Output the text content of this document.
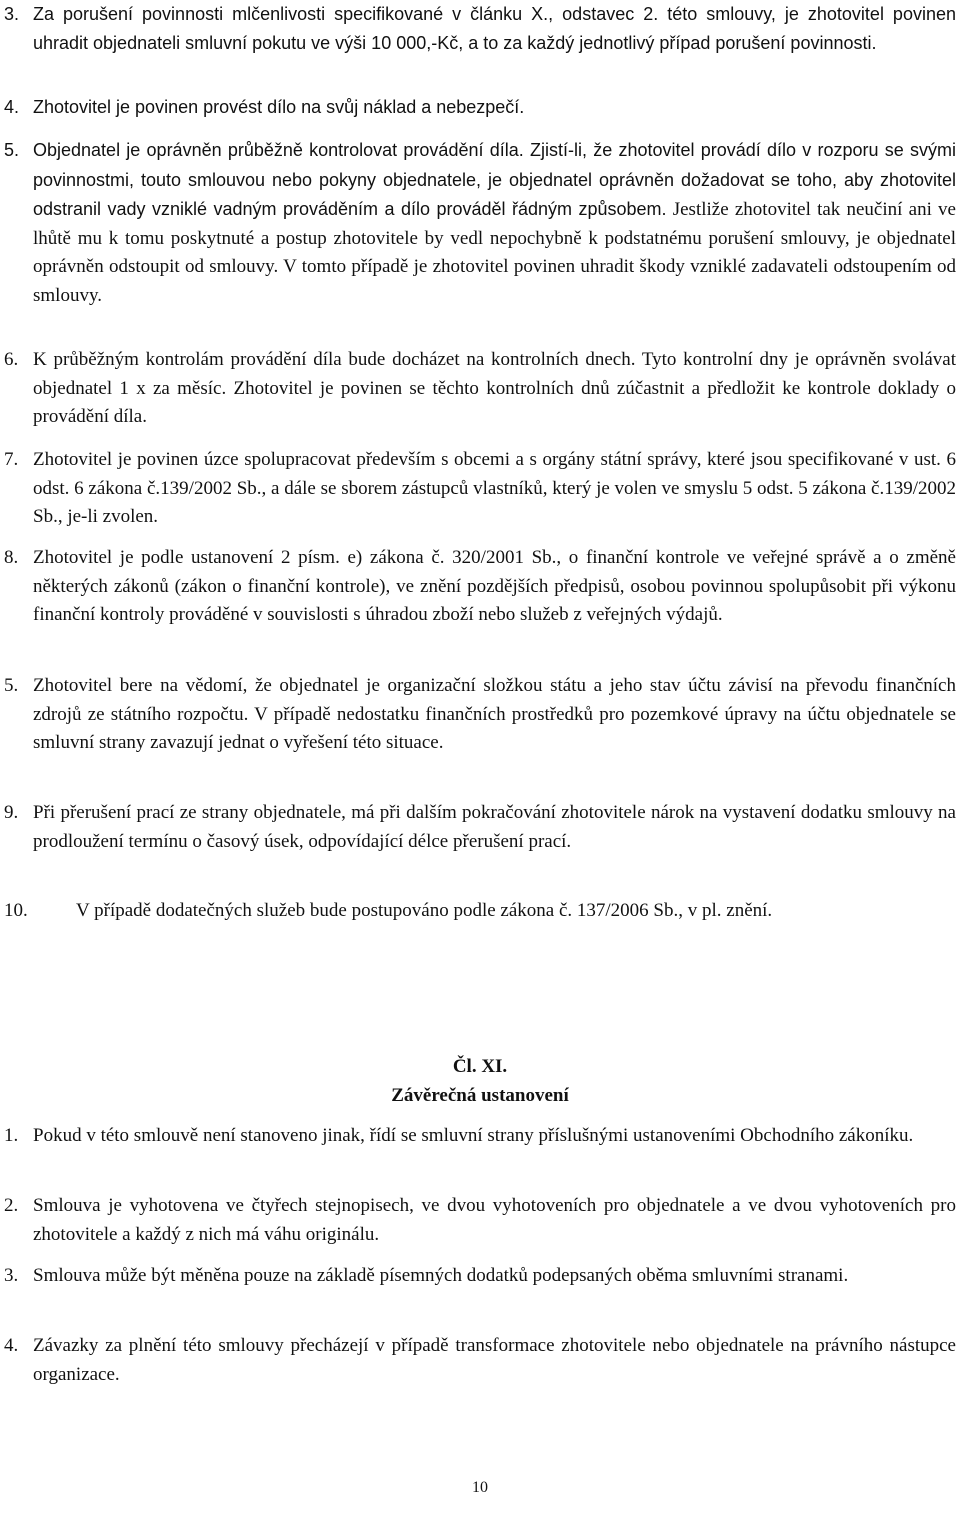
3. Za porušení povinnosti mlčenlivosti specifikované v článku X., odstavec 2. této smlouvy, je zhotovitel povinen uhradit objednateli smluvní pokutu ve výši 10 000,-Kč, a to za každý jednotlivý případ porušení povinnosti.
4. Zhotovitel je povinen provést dílo na svůj náklad a nebezpečí.
5. Objednatel je oprávněn průběžně kontrolovat provádění díla. Zjistí-li, že zhotovitel provádí dílo v rozporu se svými povinnostmi, touto smlouvou nebo pokyny objednatele, je objednatel oprávněn dožadovat se toho, aby zhotovitel odstranil vady vzniklé vadným prováděním a dílo prováděl řádným způsobem. Jestliže zhotovitel tak neučiní ani ve lhůtě mu k tomu poskytnuté a postup zhotovitele by vedl nepochybně k podstatnému porušení smlouvy, je objednatel oprávněn odstoupit od smlouvy. V tomto případě je zhotovitel povinen uhradit škody vzniklé zadavateli odstoupením od smlouvy.
6. K průběžným kontrolám provádění díla bude docházet na kontrolních dnech. Tyto kontrolní dny je oprávněn svolávat objednatel 1 x za měsíc. Zhotovitel je povinen se těchto kontrolních dnů zúčastnit a předložit ke kontrole doklady o provádění díla.
7. Zhotovitel je povinen úzce spolupracovat především s obcemi a s orgány státní správy, které jsou specifikované v ust. 6 odst. 6 zákona č.139/2002 Sb., a dále se sborem zástupců vlastníků, který je volen ve smyslu 5 odst. 5 zákona č.139/2002 Sb., je-li zvolen.
8. Zhotovitel je podle ustanovení 2 písm. e) zákona č. 320/2001 Sb., o finanční kontrole ve veřejné správě a o změně některých zákonů (zákon o finanční kontrole), ve znění pozdějších předpisů, osobou povinnou spolupůsobit při výkonu finanční kontroly prováděné v souvislosti s úhradou zboží nebo služeb z veřejných výdajů.
5. Zhotovitel bere na vědomí, že objednatel je organizační složkou státu a jeho stav účtu závisí na převodu finančních zdrojů ze státního rozpočtu. V případě nedostatku finančních prostředků pro pozemkové úpravy na účtu objednatele se smluvní strany zavazují jednat o vyřešení této situace.
9. Při přerušení prací ze strany objednatele, má při dalším pokračování zhotovitele nárok na vystavení dodatku smlouvy na prodloužení termínu o časový úsek, odpovídající délce přerušení prací.
10.	V případě dodatečných služeb bude postupováno podle zákona č. 137/2006 Sb., v pl. znění.
Čl. XI.
Závěrečná ustanovení
1. Pokud v této smlouvě není stanoveno jinak, řídí se smluvní strany příslušnými ustanoveními Obchodního zákoníku.
2. Smlouva je vyhotovena ve čtyřech stejnopisech, ve dvou vyhotoveních pro objednatele a ve dvou vyhotoveních pro zhotovitele a každý z nich má váhu originálu.
3. Smlouva může být měněna pouze na základě písemných dodatků podepsaných oběma smluvními stranami.
4. Závazky za plnění této smlouvy přecházejí v případě transformace zhotovitele nebo objednatele na právního nástupce organizace.
10
